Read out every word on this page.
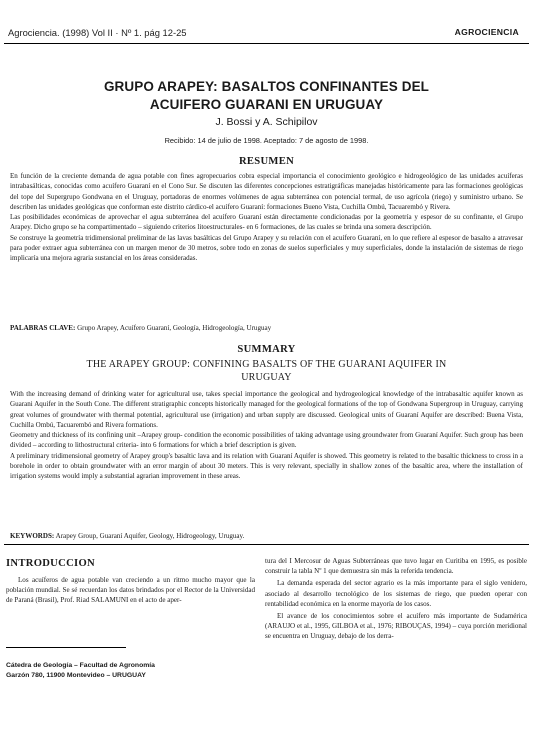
Agrociencia. (1998) Vol II · Nº 1. pág 12-25	AGROCIENCIA
GRUPO ARAPEY: BASALTOS CONFINANTES DEL
ACUIFERO GUARANI EN URUGUAY
J. Bossi y A. Schipilov
Recibido: 14 de julio de 1998. Aceptado: 7 de agosto de 1998.
RESUMEN

En función de la creciente demanda de agua potable con fines agropecuarios cobra especial importancia el conocimiento geológico e hidrogeológico de las unidades acuíferas intrabasálticas, conocidas como acuífero Guaraní en el Cono Sur. Se discuten las diferentes concepciones estratigráficas manejadas históricamente para las formaciones geológicas del tope del Supergrupo Gondwana en el Uruguay, portadoras de enormes volúmenes de agua subterránea con potencial termal, de uso agrícola (riego) y suministro urbano. Se describen las unidades geológicas que conforman este distrito cárdico-el acuífero Guaraní: formaciones Bueno Vista, Cuchilla Ombú, Tacuarembó y Rivera.

Las posibilidades económicas de aprovechar el agua subterránea del acuífero Guaraní están directamente condicionadas por la geometría y espesor de su confinante, el Grupo Arapey. Dicho grupo se ha compartimentado – siguiendo criterios litoestructurales- en 6 formaciones, de las cuales se brinda una somera descripción.

Se construye la geometría tridimensional preliminar de las lavas basálticas del Grupo Arapey y su relación con el acuífero Guaraní, en lo que refiere al espesor de basalto a atravesar para poder extraer agua subterránea con un margen menor de 30 metros, sobre todo en zonas de suelos superficiales y muy superficiales, donde la instalación de sistemas de riego implicaría una mejora agraria sustancial en los áreas consideradas.

PALABRAS CLAVE: Grupo Arapey, Acuífero Guaraní, Geología, Hidrogeología, Uruguay
SUMMARY
THE ARAPEY GROUP: CONFINING BASALTS OF THE GUARANI AQUIFER IN
URUGUAY

With the increasing demand of drinking water for agricultural use, takes special importance the geological and hydrogeological knowledge of the intrabasaltic aquifer known as Guarani Aquifer in the South Cone. The different stratigraphic concepts historically managed for the geological formations of the top of Gondwana Supergroup in Uruguay, carrying great volumes of groundwater with thermal potential, agricultural use (irrigation) and urban supply are discussed. Geological units of Guaraní Aquifer are described: Buena Vista, Cuchilla Ombú, Tacuarembó and Rivera formations.

Geometry and thickness of its confining unit –Arapey group- condition the economic possibilities of taking advantage using groundwater from Guaraní Aquifer. Such group has been divided – according to lithostructural criteria- into 6 formations for which a brief description is given.

A preliminary tridimensional geometry of Arapey group's basaltic lava and its relation with Guaraní Aquifer is showed. This geometry is related to the basaltic thickness to cross in a borehole in order to obtain groundwater with an error margin of about 30 meters. This is very relevant, specially in shallow zones of the basaltic area, where the installation of irrigation systems would imply a substantial agrarian improvement in these areas.

KEYWORDS: Arapey Group, Guaraní Aquifer, Geology, Hidrogeology, Uruguay.
INTRODUCCION

Los acuíferos de agua potable van creciendo a un ritmo mucho mayor que la población mundial. Se sé recuerdan los datos brindados por el Rector de la Universidad de Paraná (Brasil), Prof. Riad SALAMUNI en el acto de aper-

Cátedra de Geología – Facultad de Agronomía
Garzón 780, 11900 Montevideo – URUGUAY

tura del I Mercosur de Aguas Subterráneas que tuvo lugar en Curitiba en 1995, es posible construir la tabla Nº 1 que demuestra sin más la referida tendencia.

La demanda esperada del sector agrario es la más importante para el siglo venidero, asociado al desarrollo tecnológico de los sistemas de riego, que pueden operar con rentabilidad económica en la enorme mayoría de los casos.

El avance de los conocimientos sobre el acuífero más importante de Sudamérica (ARAUJO et al., 1995, GILBOA et al., 1976; RIBOUÇAS, 1994) – cuya porción meridional se encuentra en Uruguay, debajo de los derra-
